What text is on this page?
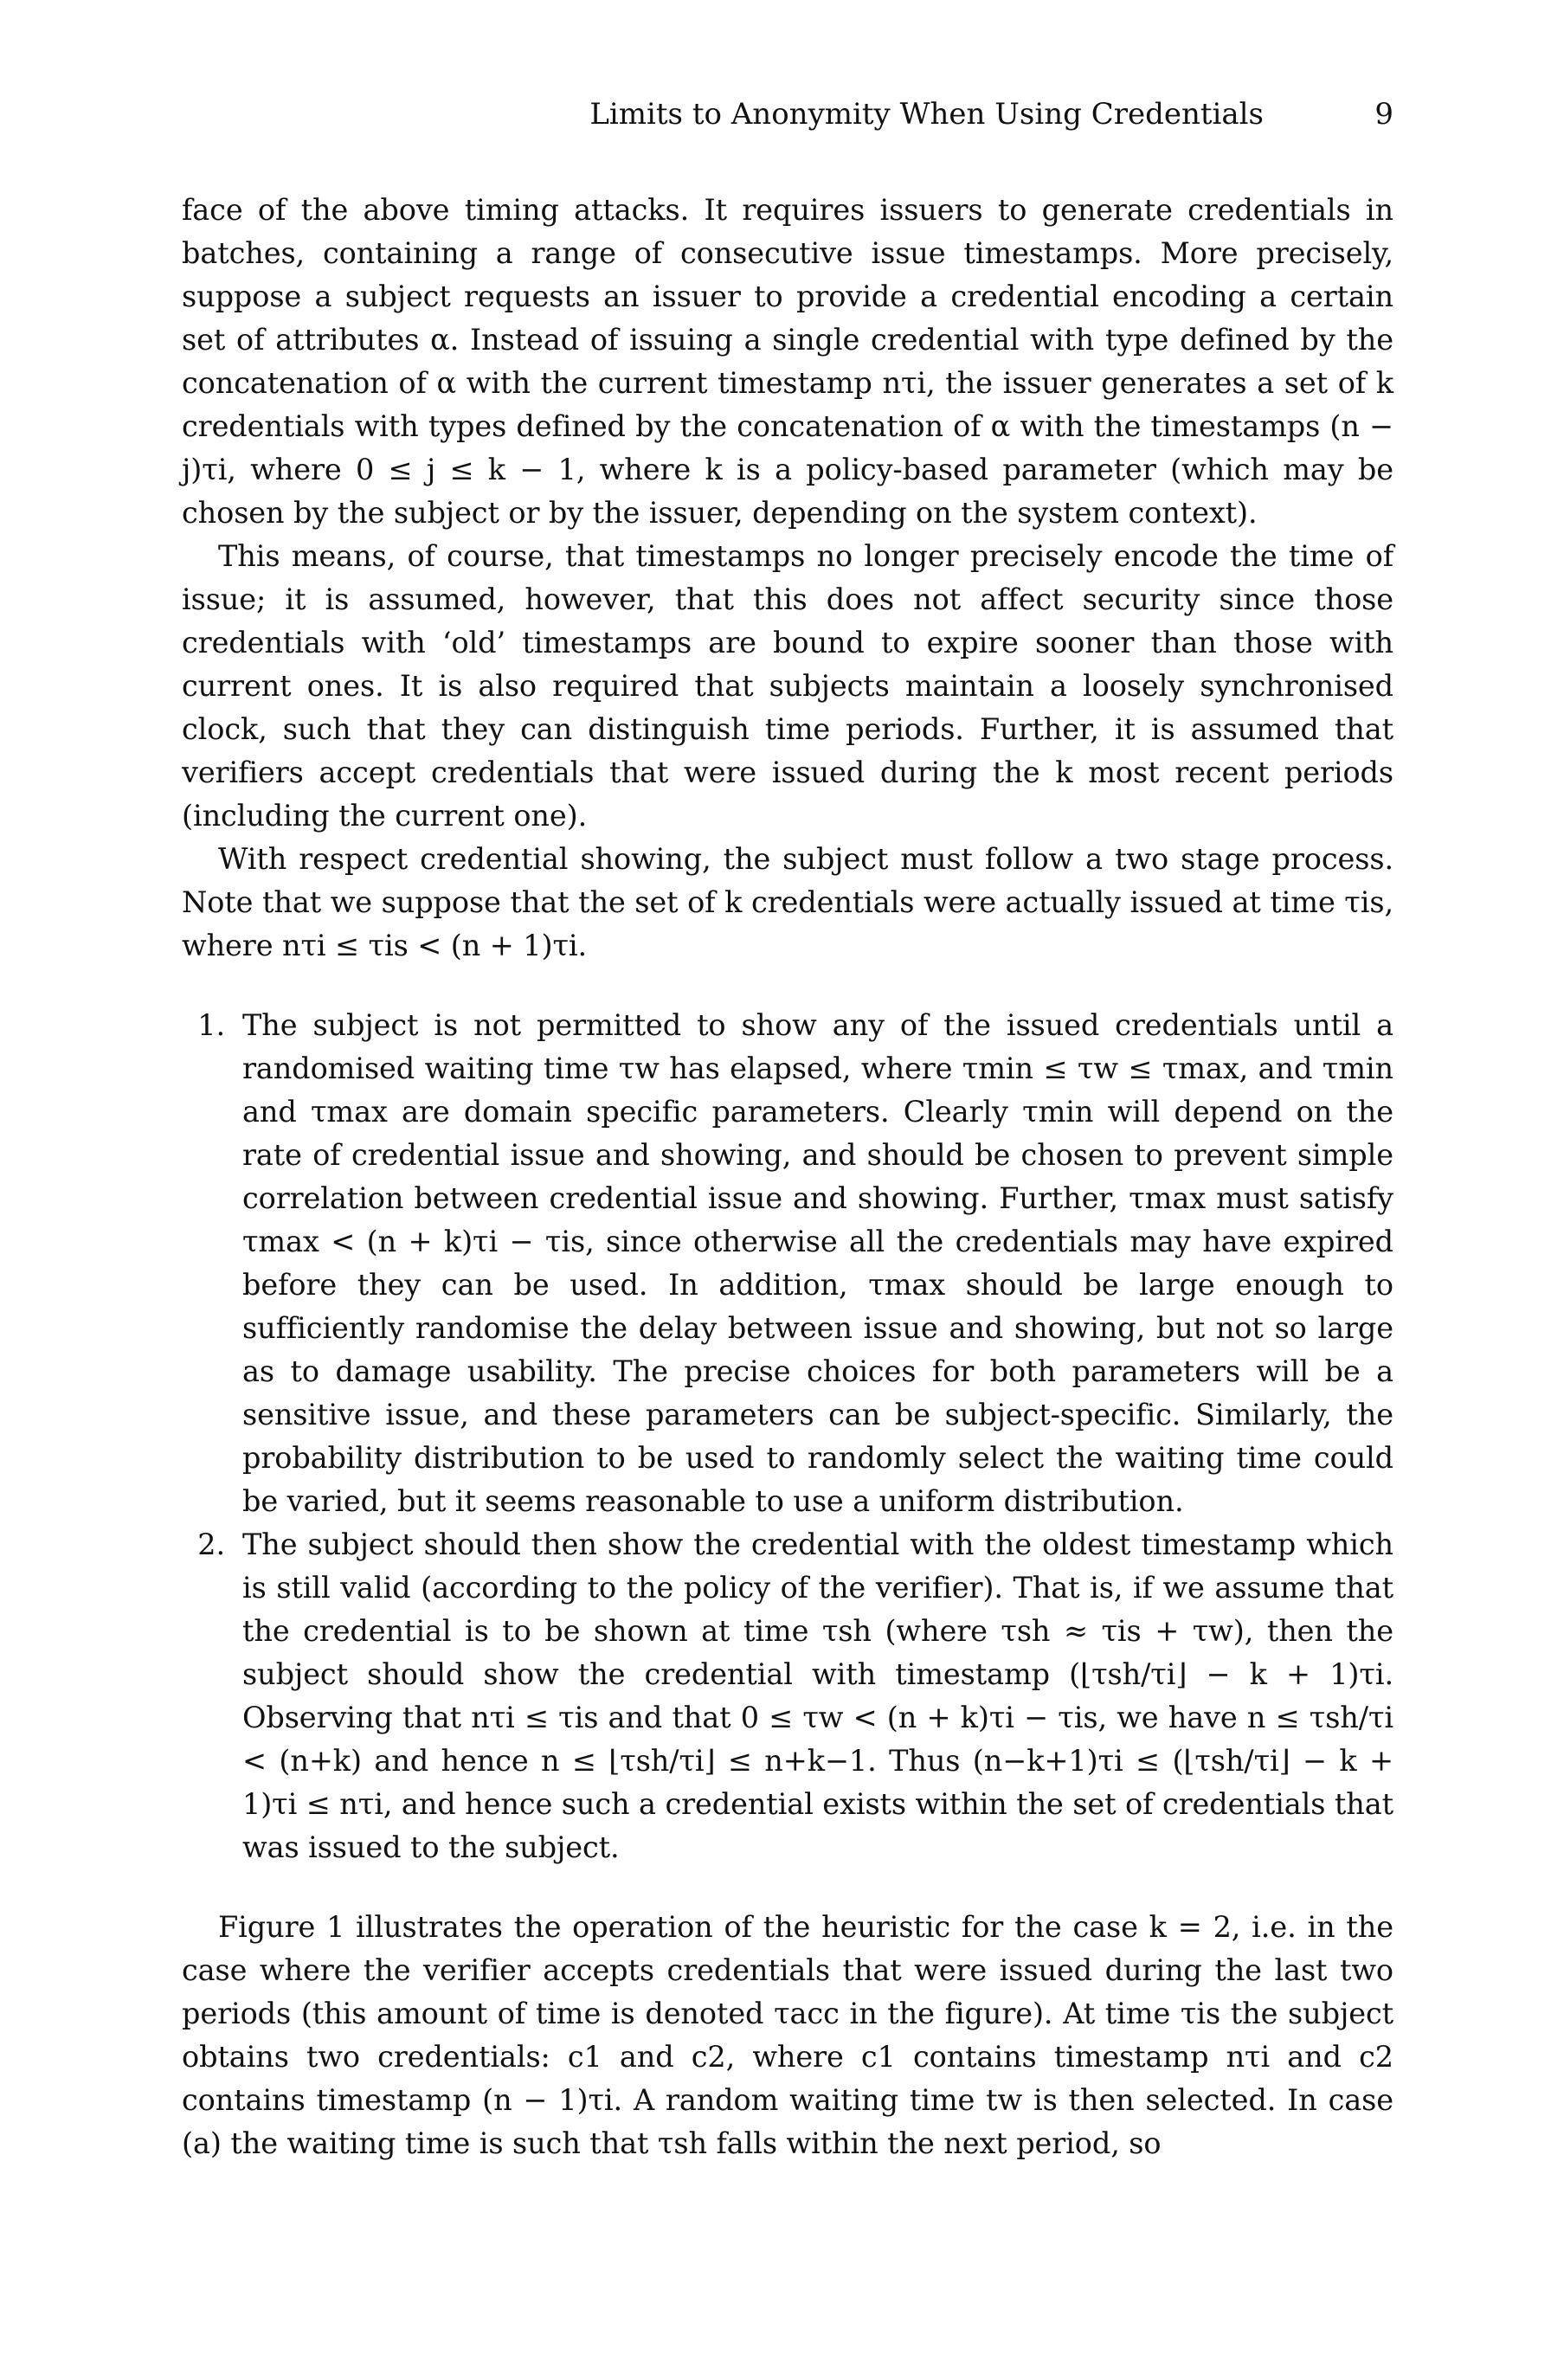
Limits to Anonymity When Using Credentials	9

face of the above timing attacks. It requires issuers to generate credentials in batches, containing a range of consecutive issue timestamps. More precisely, suppose a subject requests an issuer to provide a credential encoding a certain set of attributes α. Instead of issuing a single credential with type defined by the concatenation of α with the current timestamp nτi, the issuer generates a set of k credentials with types defined by the concatenation of α with the timestamps (n − j)τi, where 0 ≤ j ≤ k − 1, where k is a policy-based parameter (which may be chosen by the subject or by the issuer, depending on the system context).

This means, of course, that timestamps no longer precisely encode the time of issue; it is assumed, however, that this does not affect security since those credentials with ‘old’ timestamps are bound to expire sooner than those with current ones. It is also required that subjects maintain a loosely synchronised clock, such that they can distinguish time periods. Further, it is assumed that verifiers accept credentials that were issued during the k most recent periods (including the current one).

With respect credential showing, the subject must follow a two stage process. Note that we suppose that the set of k credentials were actually issued at time τis, where nτi ≤ τis < (n + 1)τi.

1. The subject is not permitted to show any of the issued credentials until a randomised waiting time τw has elapsed, where τmin ≤ τw ≤ τmax, and τmin and τmax are domain specific parameters. Clearly τmin will depend on the rate of credential issue and showing, and should be chosen to prevent simple correlation between credential issue and showing. Further, τmax must satisfy τmax < (n + k)τi − τis, since otherwise all the credentials may have expired before they can be used. In addition, τmax should be large enough to sufficiently randomise the delay between issue and showing, but not so large as to damage usability. The precise choices for both parameters will be a sensitive issue, and these parameters can be subject-specific. Similarly, the probability distribution to be used to randomly select the waiting time could be varied, but it seems reasonable to use a uniform distribution.
2. The subject should then show the credential with the oldest timestamp which is still valid (according to the policy of the verifier). That is, if we assume that the credential is to be shown at time τsh (where τsh ≈ τis + τw), then the subject should show the credential with timestamp (⌊τsh/τi⌋ − k + 1)τi. Observing that nτi ≤ τis and that 0 ≤ τw < (n + k)τi − τis, we have n ≤ τsh/τi < (n+k) and hence n ≤ ⌊τsh/τi⌋ ≤ n+k−1. Thus (n−k+1)τi ≤ (⌊τsh/τi⌋ − k + 1)τi ≤ nτi, and hence such a credential exists within the set of credentials that was issued to the subject.

Figure 1 illustrates the operation of the heuristic for the case k = 2, i.e. in the case where the verifier accepts credentials that were issued during the last two periods (this amount of time is denoted τacc in the figure). At time τis the subject obtains two credentials: c1 and c2, where c1 contains timestamp nτi and c2 contains timestamp (n − 1)τi. A random waiting time tw is then selected. In case (a) the waiting time is such that τsh falls within the next period, so
